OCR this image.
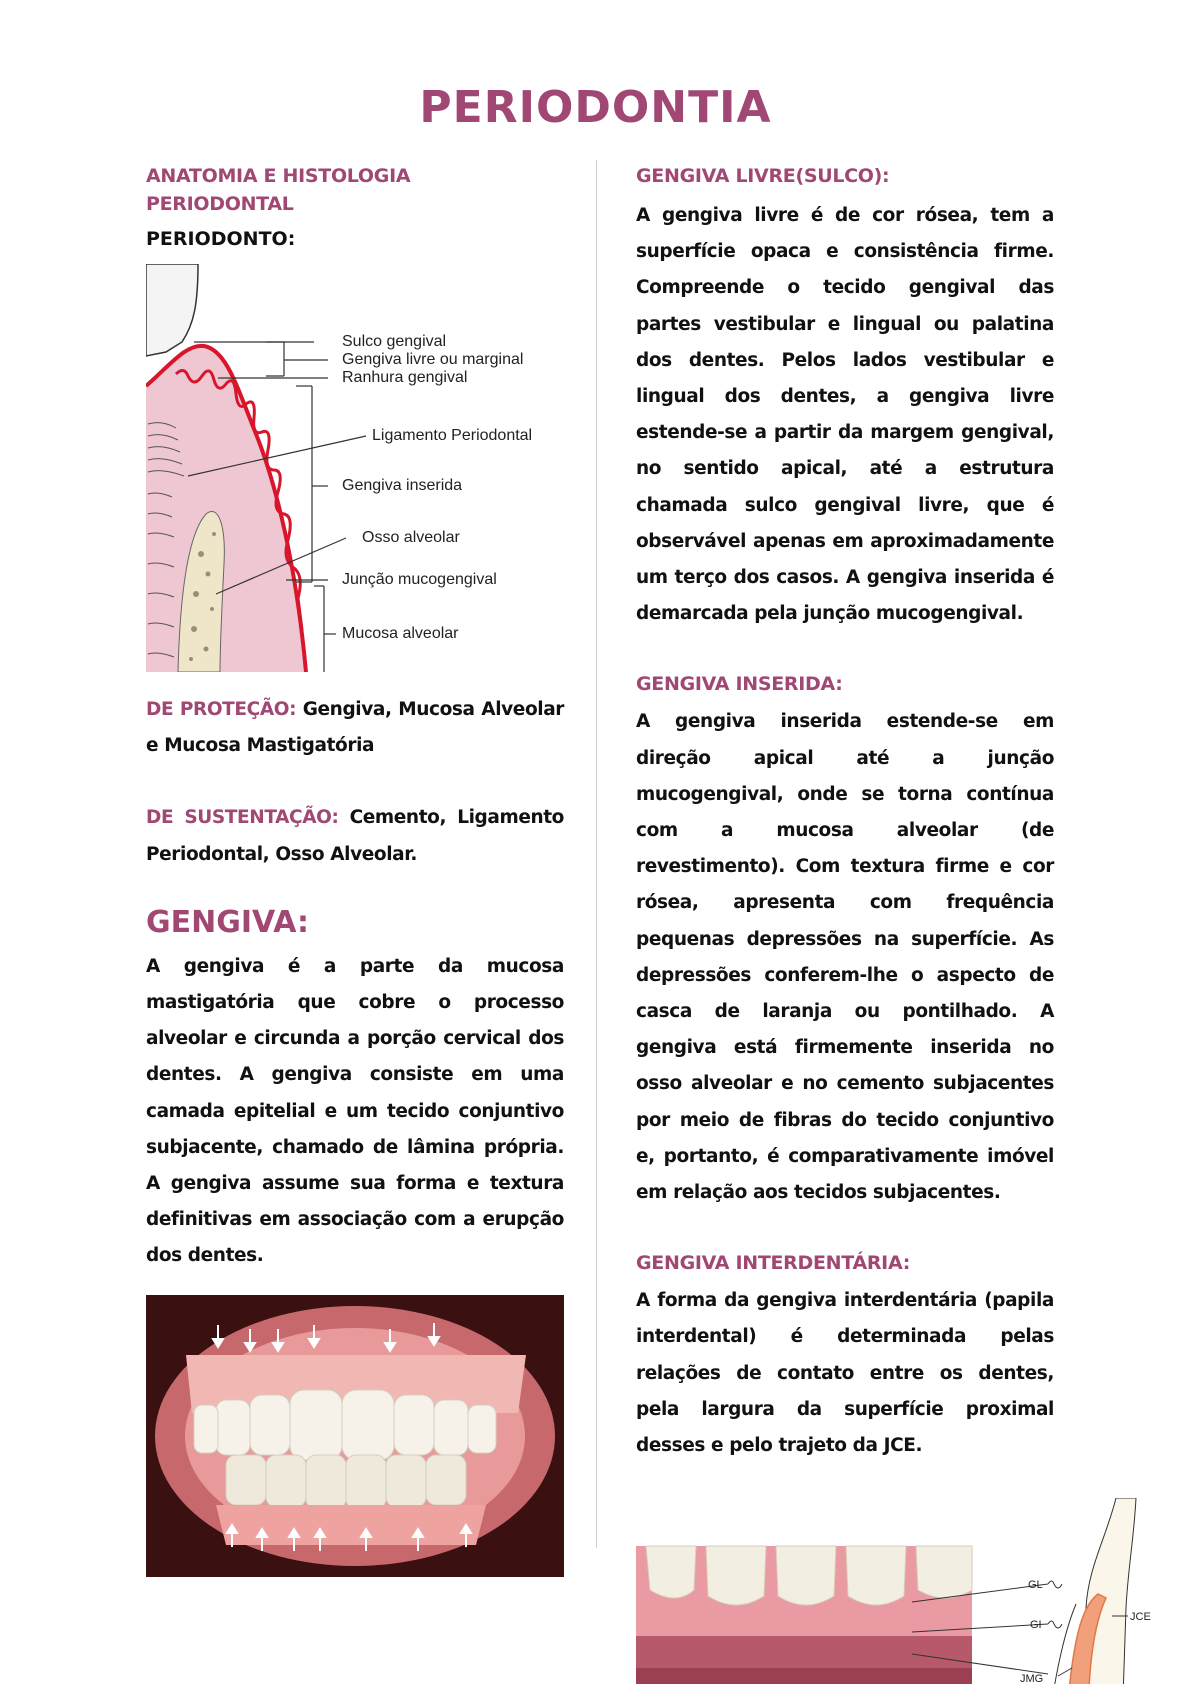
PERIODONTIA
ANATOMIA E HISTOLOGIA PERIODONTAL
PERIODONTO:
Sulco gengival
Gengiva livre ou marginal
Ranhura gengival
Ligamento Periodontal
Gengiva inserida
Osso alveolar
Junção mucogengival
Mucosa alveolar
DE PROTEÇÃO: Gengiva, Mucosa Alveolar e Mucosa Mastigatória
DE SUSTENTAÇÃO: Cemento, Ligamento Periodontal, Osso Alveolar.
GENGIVA:
A gengiva é a parte da mucosa mastigatória que cobre o processo alveolar e circunda a porção cervical dos dentes. A gengiva consiste em uma camada epitelial e um tecido conjuntivo subjacente, chamado de lâmina própria. A gengiva assume sua forma e textura definitivas em associação com a erupção dos dentes.
GENGIVA LIVRE(SULCO):
A gengiva livre é de cor rósea, tem a superfície opaca e consistência firme. Compreende o tecido gengival das partes vestibular e lingual ou palatina dos dentes. Pelos lados vestibular e lingual dos dentes, a gengiva livre estende-se a partir da margem gengival, no sentido apical, até a estrutura chamada sulco gengival livre, que é observável apenas em aproximadamente um terço dos casos. A gengiva inserida é demarcada pela junção mucogengival.
GENGIVA INSERIDA:
A gengiva inserida estende-se em direção apical até a junção mucogengival, onde se torna contínua com a mucosa alveolar (de revestimento). Com textura firme e cor rósea, apresenta com frequência pequenas depressões na superfície. As depressões conferem-lhe o aspecto de casca de laranja ou pontilhado. A gengiva está firmemente inserida no osso alveolar e no cemento subjacentes por meio de fibras do tecido conjuntivo e, portanto, é comparativamente imóvel em relação aos tecidos subjacentes.
GENGIVA INTERDENTÁRIA:
A forma da gengiva interdentária (papila interdental) é determinada pelas relações de contato entre os dentes, pela largura da superfície proximal desses e pelo trajeto da JCE.
GL
GI
JMG
JCE
